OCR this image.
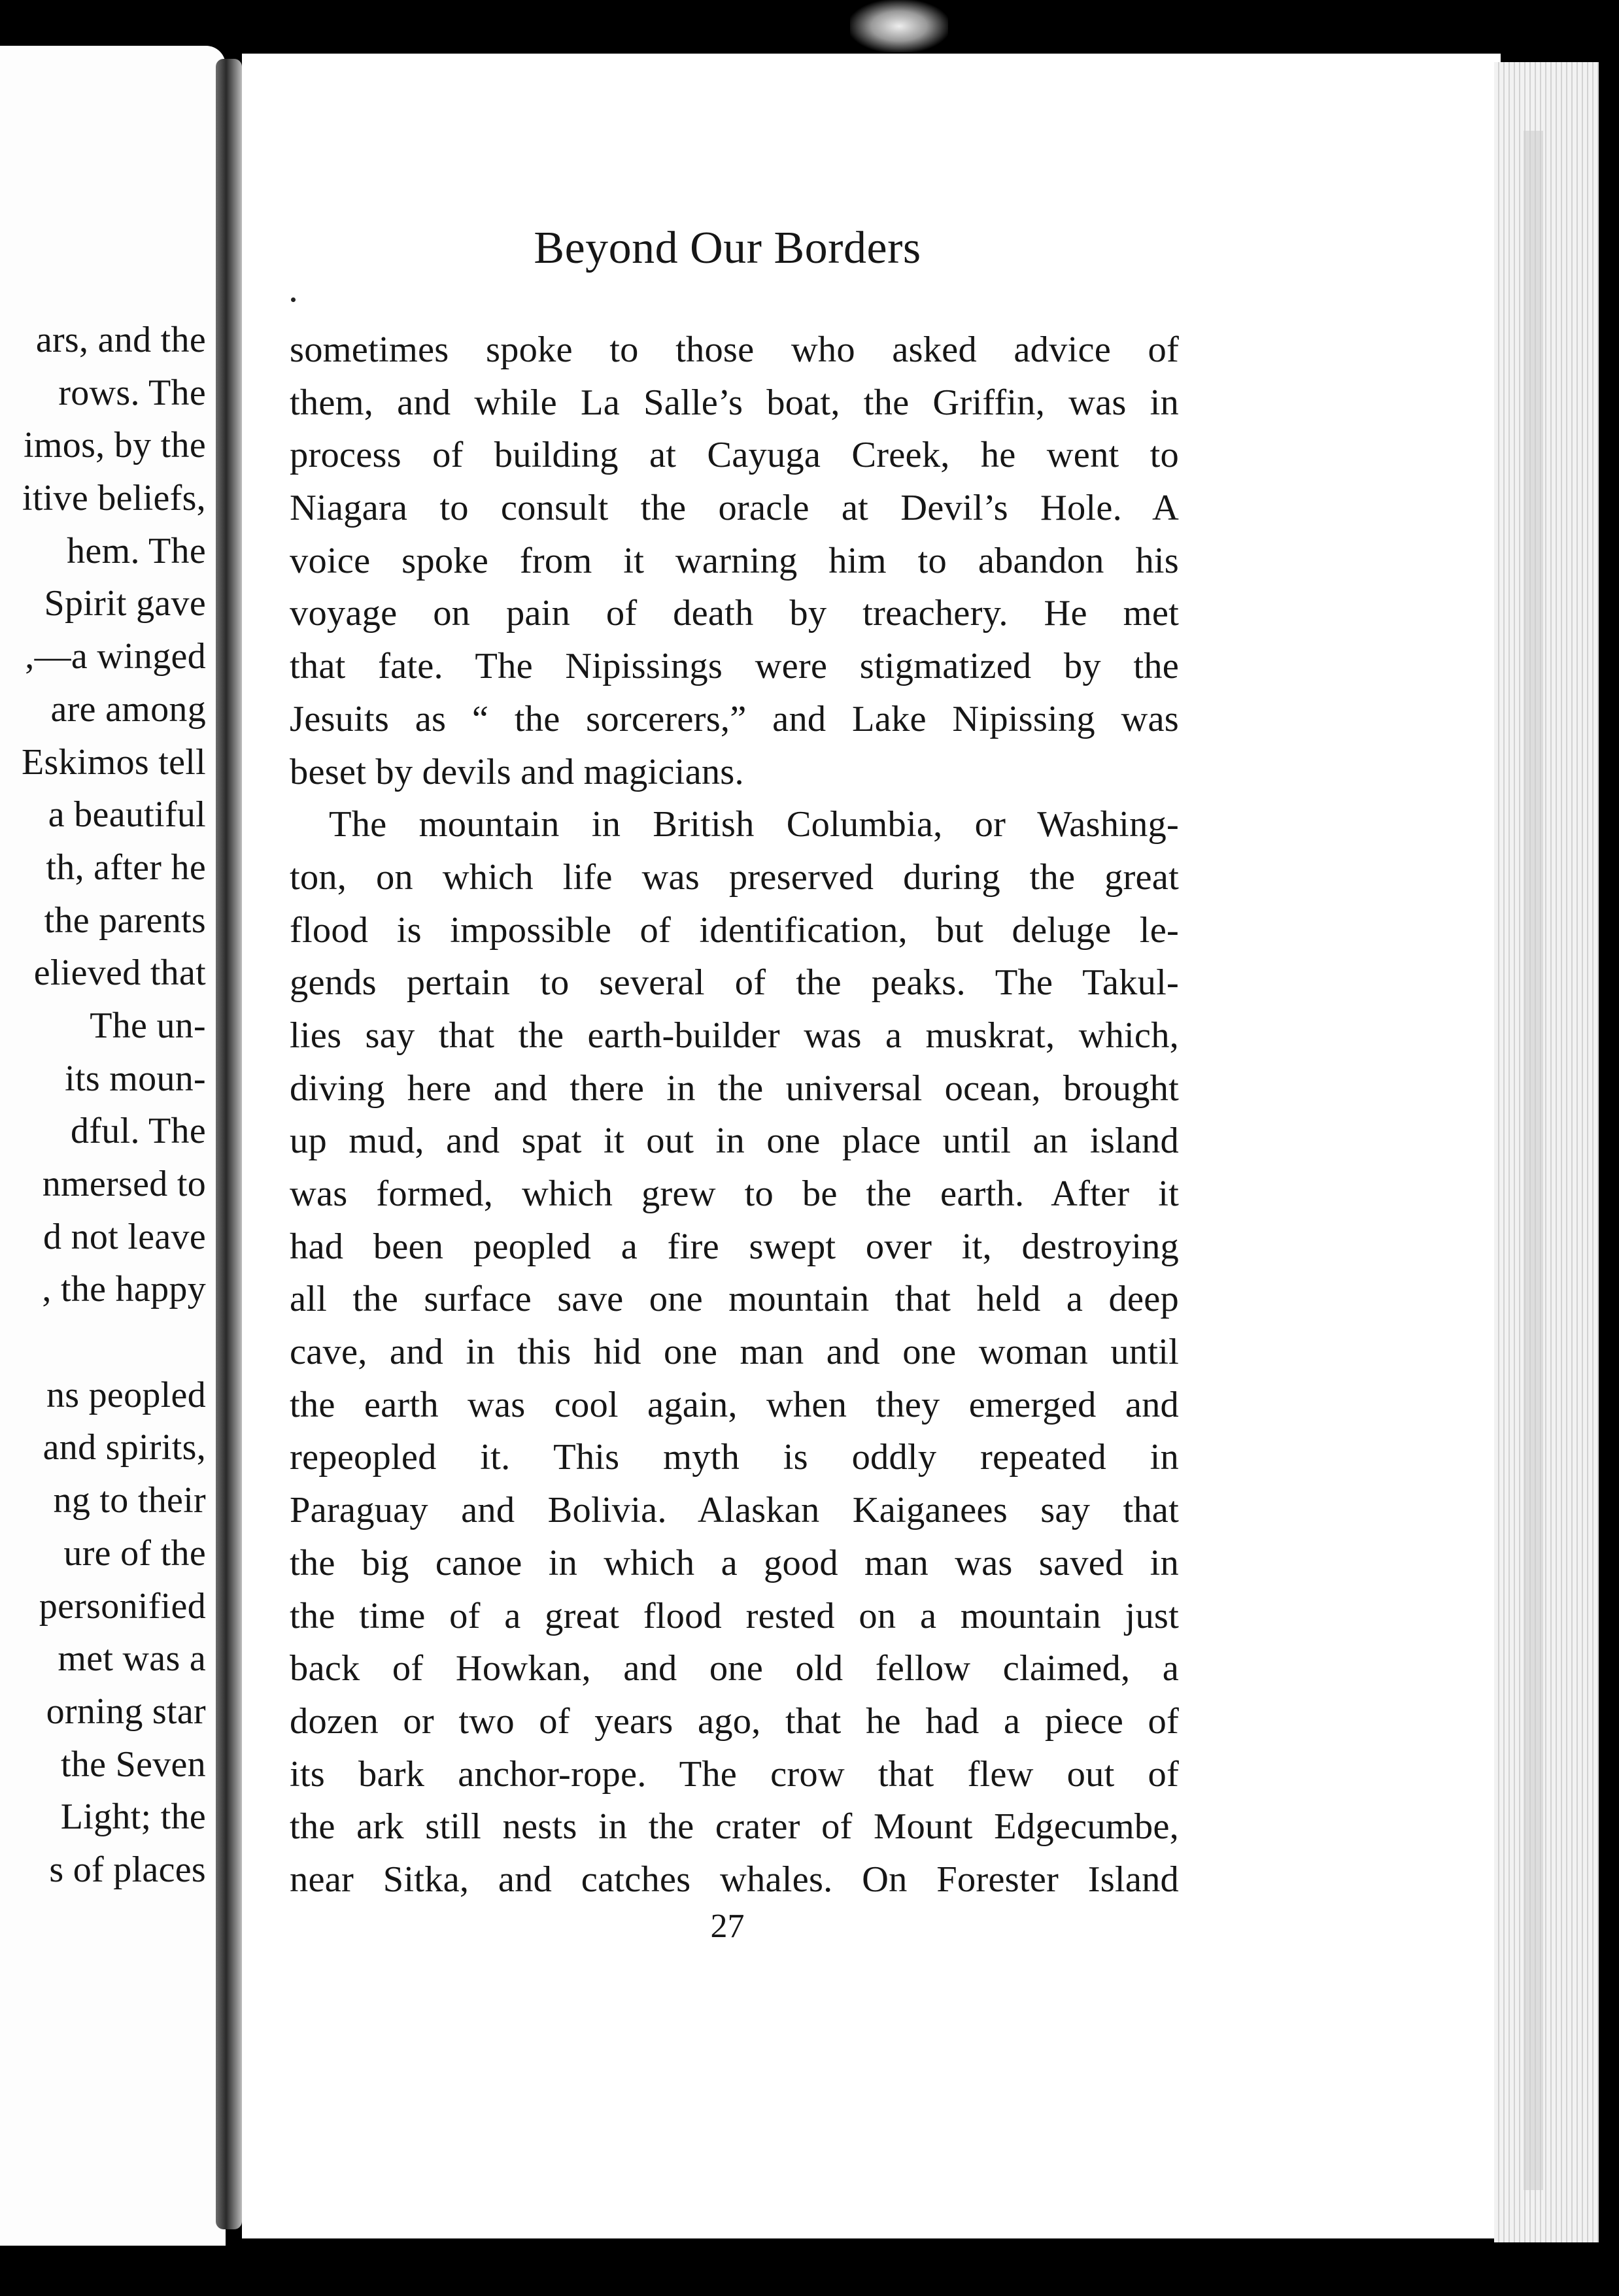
ars, and the
rows. The
imos, by the
itive beliefs,
hem. The
Spirit gave
,—a winged
are among
Eskimos tell
a beautiful
th, after he
the parents
elieved that
The un-
its moun-
dful. The
nmersed to
d not leave
, the happy
ns peopled
and spirits,
ng to their
ure of the
personified
met was a
orning star
the Seven
Light; the
s of places
Beyond Our Borders
sometimes spoke to those who asked advice of
them, and while La Salle’s boat, the Griffin, was in
process of building at Cayuga Creek, he went to
Niagara to consult the oracle at Devil’s Hole. A
voice spoke from it warning him to abandon his
voyage on pain of death by treachery. He met
that fate. The Nipissings were stigmatized by the
Jesuits as “ the sorcerers,” and Lake Nipissing was
beset by devils and magicians.
The mountain in British Columbia, or Washing-
ton, on which life was preserved during the great
flood is impossible of identification, but deluge le-
gends pertain to several of the peaks. The Takul-
lies say that the earth-builder was a muskrat, which,
diving here and there in the universal ocean, brought
up mud, and spat it out in one place until an island
was formed, which grew to be the earth. After it
had been peopled a fire swept over it, destroying
all the surface save one mountain that held a deep
cave, and in this hid one man and one woman until
the earth was cool again, when they emerged and
repeopled it. This myth is oddly repeated in
Paraguay and Bolivia. Alaskan Kaiganees say that
the big canoe in which a good man was saved in
the time of a great flood rested on a mountain just
back of Howkan, and one old fellow claimed, a
dozen or two of years ago, that he had a piece of
its bark anchor-rope. The crow that flew out of
the ark still nests in the crater of Mount Edgecumbe,
near Sitka, and catches whales. On Forester Island

27
